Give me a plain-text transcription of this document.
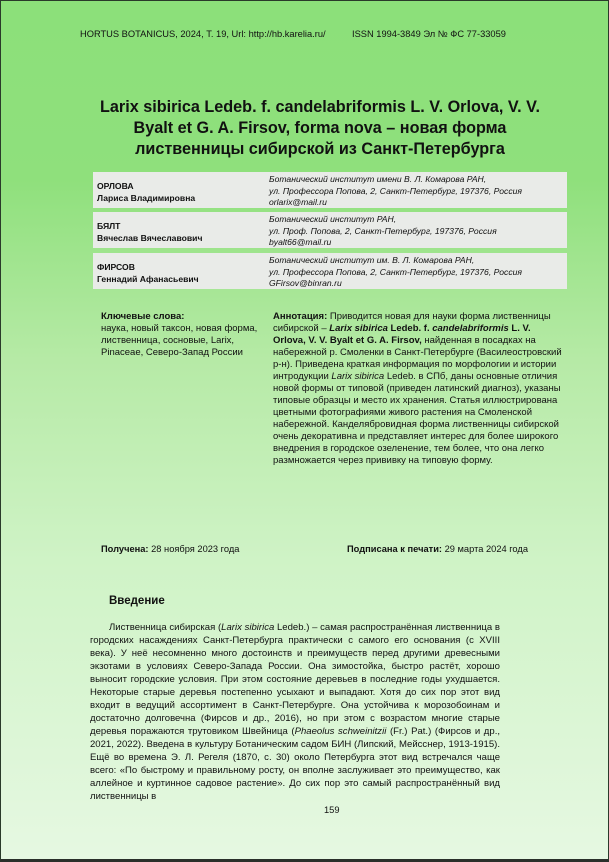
HORTUS BOTANICUS, 2024, Т. 19, Url: http://hb.karelia.ru/	ISSN 1994-3849 Эл № ФС 77-33059
Larix sibirica Ledeb. f. candelabriformis L. V. Orlova, V. V. Byalt et G. A. Firsov, forma nova – новая форма лиственницы сибирской из Санкт-Петербурга
ОРЛОВА
Лариса Владимировна
Ботанический институт имени В. Л. Комарова РАН,
ул. Профессора Попова, 2, Санкт-Петербург, 197376, Россия
orlarix@mail.ru
БЯЛТ
Вячеслав Вячеславович
Ботанический институт РАН,
ул. Проф. Попова, 2, Санкт-Петербург, 197376, Россия
byalt66@mail.ru
ФИРСОВ
Геннадий Афанасьевич
Ботанический институт им. В. Л. Комарова РАН,
ул. Профессора Попова, 2, Санкт-Петербург, 197376, Россия
GFirsov@binran.ru
Ключевые слова:
наука, новый таксон, новая форма, лиственница, сосновые, Larix, Pinaceae, Северо-Запад России
Аннотация: Приводится новая для науки форма лиственницы сибирской – Larix sibirica Ledeb. f. candelabriformis L. V. Orlova, V. V. Byalt et G. A. Firsov, найденная в посадках на набережной р. Смоленки в Санкт-Петербурге (Василеостровский р-н). Приведена краткая информация по морфологии и истории интродукции Larix sibirica Ledeb. в СПб, даны основные отличия новой формы от типовой (приведен латинский диагноз), указаны типовые образцы и место их хранения. Статья иллюстрирована цветными фотографиями живого растения на Смоленской набережной. Канделябровидная форма лиственницы сибирской очень декоративна и представляет интерес для более широкого внедрения в городское озеленение, тем более, что она легко размножается через прививку на типовую форму.
Получена: 28 ноября 2023 года	Подписана к печати: 29 марта 2024 года
Введение
Лиственница сибирская (Larix sibirica Ledeb.) – самая распространённая лиственница в городских насаждениях Санкт-Петербурга практически с самого его основания (с XVIII века). У неё несомненно много достоинств и преимуществ перед другими древесными экзотами в условиях Северо-Запада России. Она зимостойка, быстро растёт, хорошо выносит городские условия. При этом состояние деревьев в последние годы ухудшается. Некоторые старые деревья постепенно усыхают и выпадают. Хотя до сих пор этот вид входит в ведущий ассортимент в Санкт-Петербурге. Она устойчива к морозобоинам и достаточно долговечна (Фирсов и др., 2016), но при этом с возрастом многие старые деревья поражаются трутовиком Швейница (Phaeolus schweinitzii (Fr.) Pat.) (Фирсов и др., 2021, 2022). Введена в культуру Ботаническим садом БИН (Липский, Мейсснер, 1913-1915). Ещё во времена Э. Л. Регеля (1870, с. 30) около Петербурга этот вид встречался чаще всего: «По быстрому и правильному росту, он вполне заслуживает это преимущество, как аллейное и куртинное садовое растение». До сих пор это самый распространённый вид лиственницы в
159
